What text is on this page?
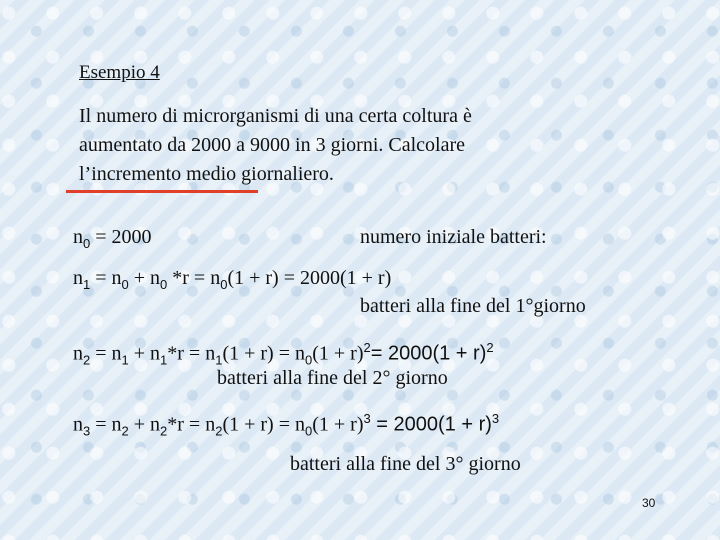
Esempio 4
Il numero di microrganismi di una certa coltura è
aumentato da 2000 a 9000 in 3 giorni. Calcolare
l’incremento medio giornaliero.
$n_0 = 2000$	numero iniziale batteri:
$n_1 = n_0 + n_0$ $*r = n_0(1 + r) = 2000(1 + r)$
batteri alla fine del 1°giorno
$n_2 = n_1 + n_1*r = n_1(1 + r) = n_0(1 + r)^2= 2000(1 + r)^2$
batteri alla fine del 2° giorno
$n_3 = n_2 + n_2*r = n_2(1 + r) = n_0(1 + r)^3 = 2000(1 + r)^3$
batteri alla fine del 3° giorno
30
